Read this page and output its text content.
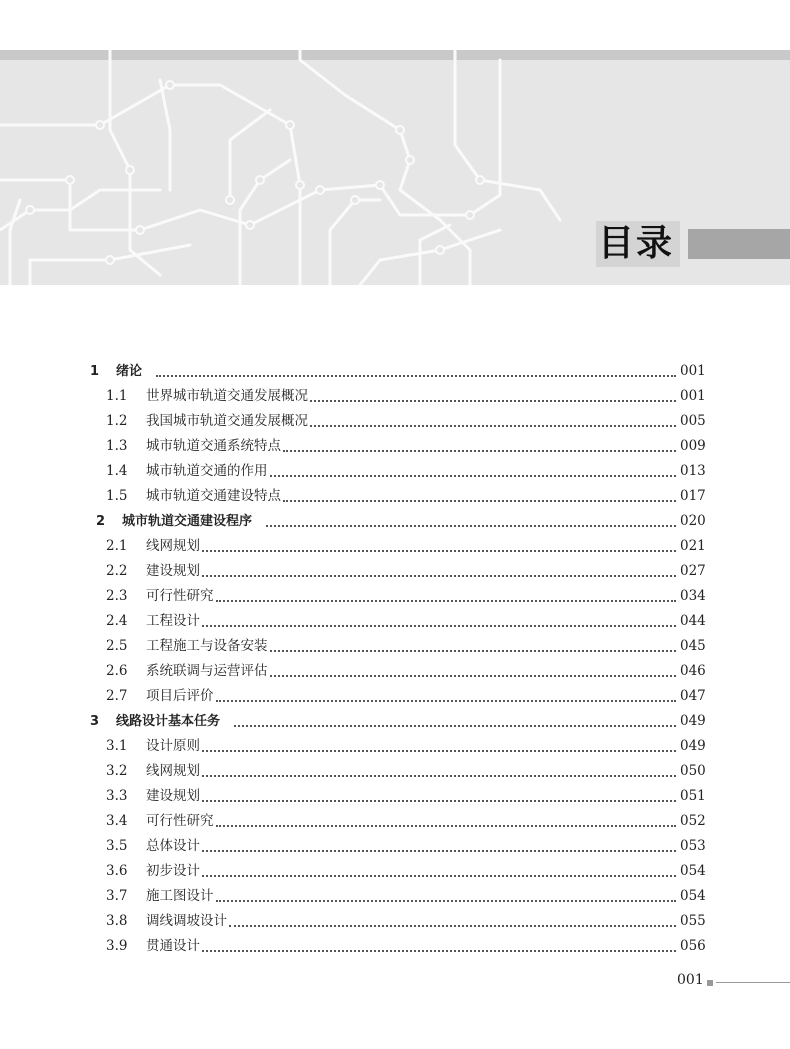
目录
1 绪论	001
1.1 世界城市轨道交通发展概况	001
1.2 我国城市轨道交通发展概况	005
1.3 城市轨道交通系统特点	009
1.4 城市轨道交通的作用	013
1.5 城市轨道交通建设特点	017
2 城市轨道交通建设程序	020
2.1 线网规划	021
2.2 建设规划	027
2.3 可行性研究	034
2.4 工程设计	044
2.5 工程施工与设备安装	045
2.6 系统联调与运营评估	046
2.7 项目后评价	047
3 线路设计基本任务	049
3.1 设计原则	049
3.2 线网规划	050
3.3 建设规划	051
3.4 可行性研究	052
3.5 总体设计	053
3.6 初步设计	054
3.7 施工图设计	054
3.8 调线调坡设计	055
3.9 贯通设计	056
001
